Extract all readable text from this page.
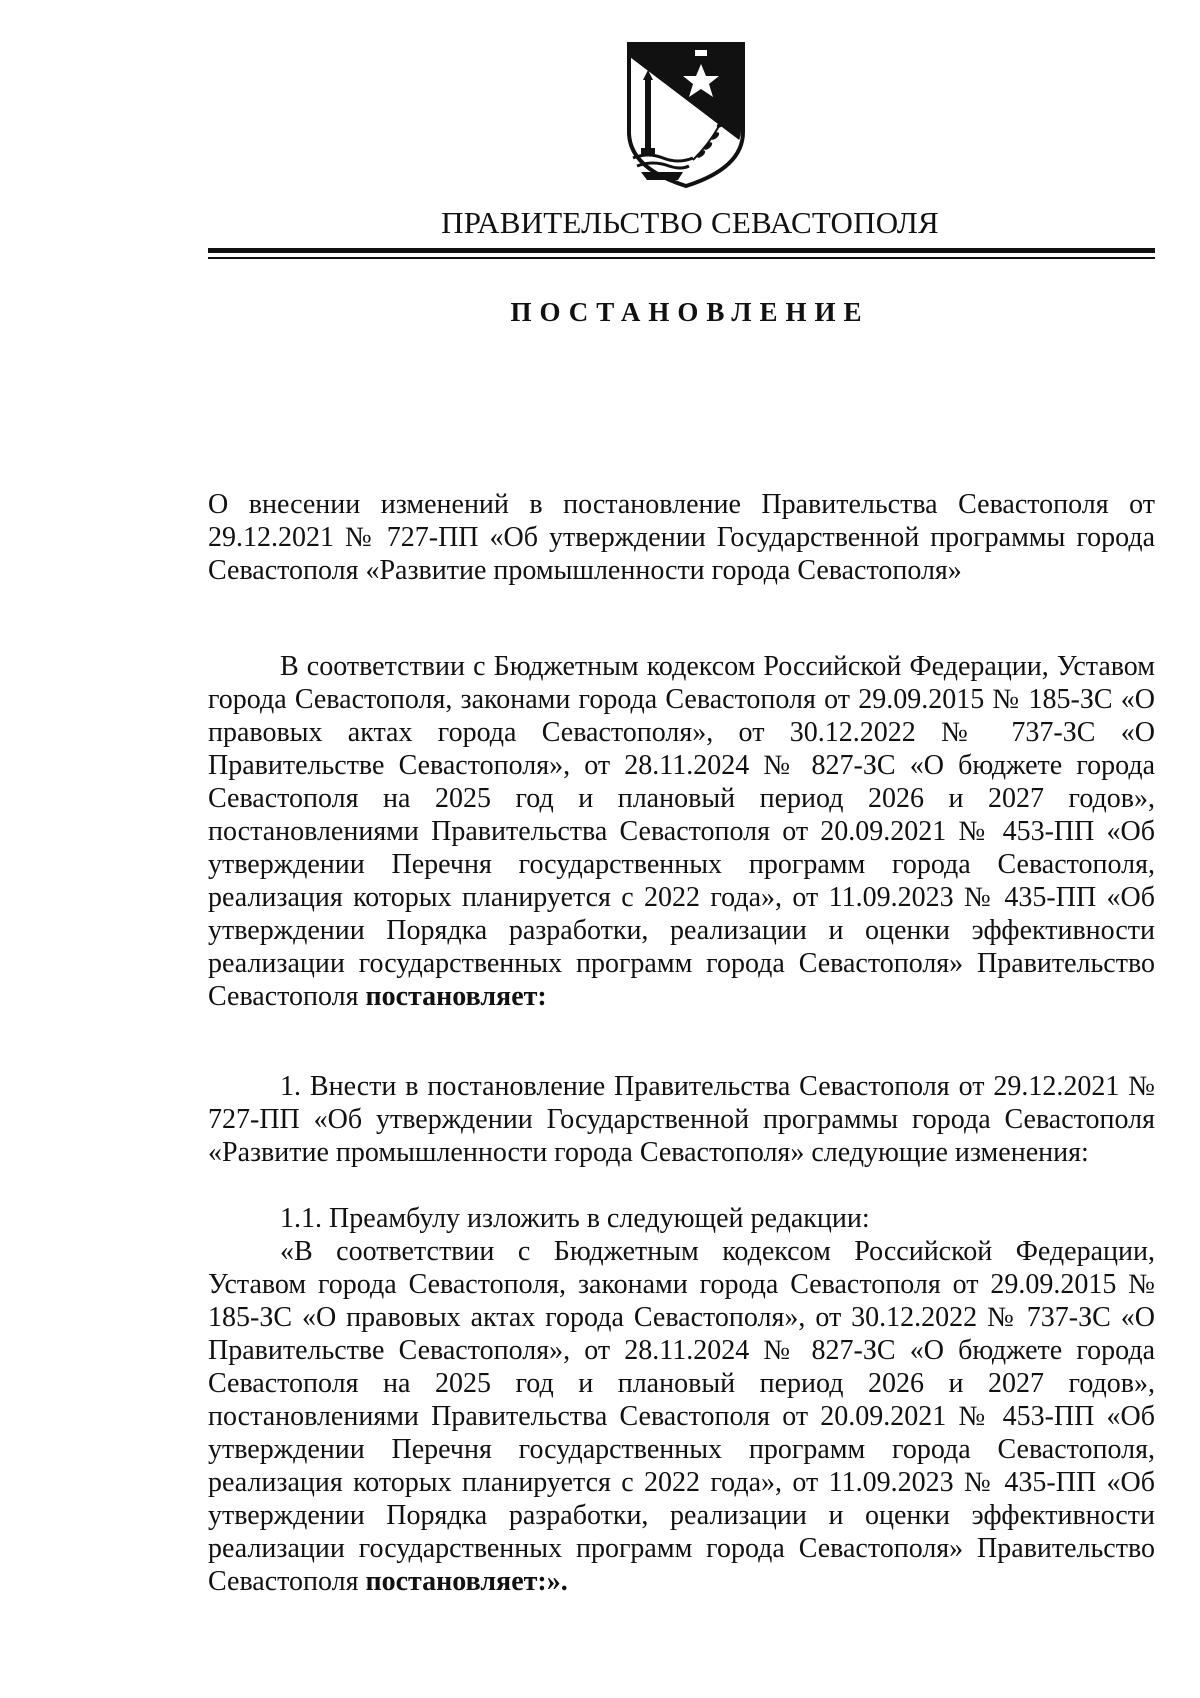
ПРАВИТЕЛЬСТВО СЕВАСТОПОЛЯ
ПОСТАНОВЛЕНИЕ

О внесении изменений в постановление Правительства Севастополя от 29.12.2021 № 727-ПП «Об утверждении Государственной программы города Севастополя «Развитие промышленности города Севастополя»

В соответствии с Бюджетным кодексом Российской Федерации, Уставом города Севастополя, законами города Севастополя от 29.09.2015 № 185-ЗС «О правовых актах города Севастополя», от 30.12.2022 № 737-ЗС «О Правительстве Севастополя», от 28.11.2024 № 827-ЗС «О бюджете города Севастополя на 2025 год и плановый период 2026 и 2027 годов», постановлениями Правительства Севастополя от 20.09.2021 № 453-ПП «Об утверждении Перечня государственных программ города Севастополя, реализация которых планируется с 2022 года», от 11.09.2023 № 435-ПП «Об утверждении Порядка разработки, реализации и оценки эффективности реализации государственных программ города Севастополя» Правительство Севастополя постановляет:

1. Внести в постановление Правительства Севастополя от 29.12.2021 № 727-ПП «Об утверждении Государственной программы города Севастополя «Развитие промышленности города Севастополя» следующие изменения:

1.1. Преамбулу изложить в следующей редакции:

«В соответствии с Бюджетным кодексом Российской Федерации, Уставом города Севастополя, законами города Севастополя от 29.09.2015 № 185-ЗС «О правовых актах города Севастополя», от 30.12.2022 № 737-ЗС «О Правительстве Севастополя», от 28.11.2024 № 827-ЗС «О бюджете города Севастополя на 2025 год и плановый период 2026 и 2027 годов», постановлениями Правительства Севастополя от 20.09.2021 № 453-ПП «Об утверждении Перечня государственных программ города Севастополя, реализация которых планируется с 2022 года», от 11.09.2023 № 435-ПП «Об утверждении Порядка разработки, реализации и оценки эффективности реализации государственных программ города Севастополя» Правительство Севастополя постановляет:».
